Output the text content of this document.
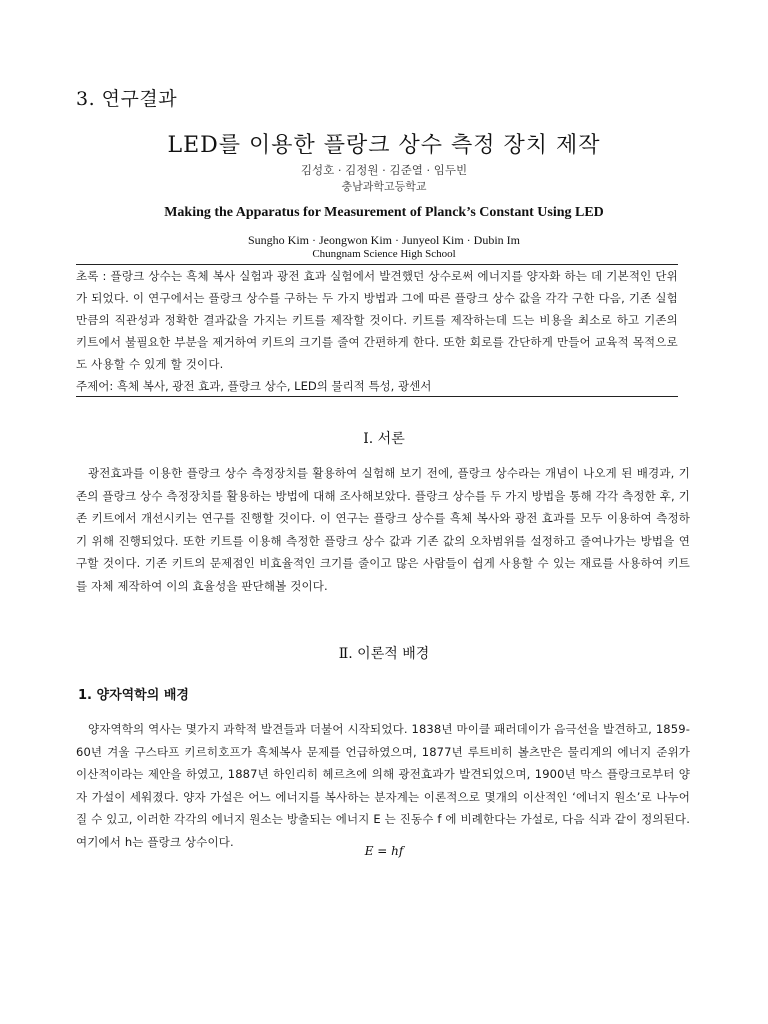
3. 연구결과
LED를 이용한 플랑크 상수 측정 장치 제작
김성호 · 김정원 · 김준열 · 임두빈
충남과학고등학교
Making the Apparatus for Measurement of Planck’s Constant Using LED
Sungho Kim · Jeongwon Kim · Junyeol Kim · Dubin Im
Chungnam Science High School
초록 : 플랑크 상수는 흑체 복사 실험과 광전 효과 실험에서 발견했던 상수로써 에너지를 양자화 하는 데 기본적인 단위가 되었다. 이 연구에서는 플랑크 상수를 구하는 두 가지 방법과 그에 따른 플랑크 상수 값을 각각 구한 다음, 기존 실험만큼의 직관성과 정확한 결과값을 가지는 키트를 제작할 것이다. 키트를 제작하는데 드는 비용을 최소로 하고 기존의 키트에서 불필요한 부분을 제거하여 키트의 크기를 줄여 간편하게 한다. 또한 회로를 간단하게 만들어 교육적 목적으로도 사용할 수 있게 할 것이다.
주제어: 흑체 복사, 광전 효과, 플랑크 상수, LED의 물리적 특성, 광센서
Ⅰ. 서론
광전효과를 이용한 플랑크 상수 측정장치를 활용하여 실험해 보기 전에, 플랑크 상수라는 개념이 나오게 된 배경과, 기존의 플랑크 상수 측정장치를 활용하는 방법에 대해 조사해보았다. 플랑크 상수를 두 가지 방법을 통해 각각 측정한 후, 기존 키트에서 개선시키는 연구를 진행할 것이다. 이 연구는 플랑크 상수를 흑체 복사와 광전 효과를 모두 이용하여 측정하기 위해 진행되었다. 또한 키트를 이용해 측정한 플랑크 상수 값과 기존 값의 오차범위를 설정하고 줄여나가는 방법을 연구할 것이다. 기존 키트의 문제점인 비효율적인 크기를 줄이고 많은 사람들이 쉽게 사용할 수 있는 재료를 사용하여 키트를 자체 제작하여 이의 효율성을 판단해볼 것이다.
Ⅱ. 이론적 배경
1. 양자역학의 배경
양자역학의 역사는 몇가지 과학적 발견들과 더불어 시작되었다. 1838년 마이클 패러데이가 음극선을 발견하고, 1859-60년 겨울 구스타프 키르히호프가 흑체복사 문제를 언급하였으며, 1877년 루트비히 볼츠만은 물리계의 에너지 준위가 이산적이라는 제안을 하였고, 1887년 하인리히 헤르츠에 의해 광전효과가 발견되었으며, 1900년 막스 플랑크로부터 양자 가설이 세워졌다. 양자 가설은 어느 에너지를 복사하는 분자계는 이론적으로 몇개의 이산적인 ‘에너지 원소’로 나누어질 수 있고, 이러한 각각의 에너지 원소는 방출되는 에너지 E 는 진동수 f 에 비례한다는 가설로, 다음 식과 같이 정의된다. 여기에서 h는 플랑크 상수이다.
E = hf
